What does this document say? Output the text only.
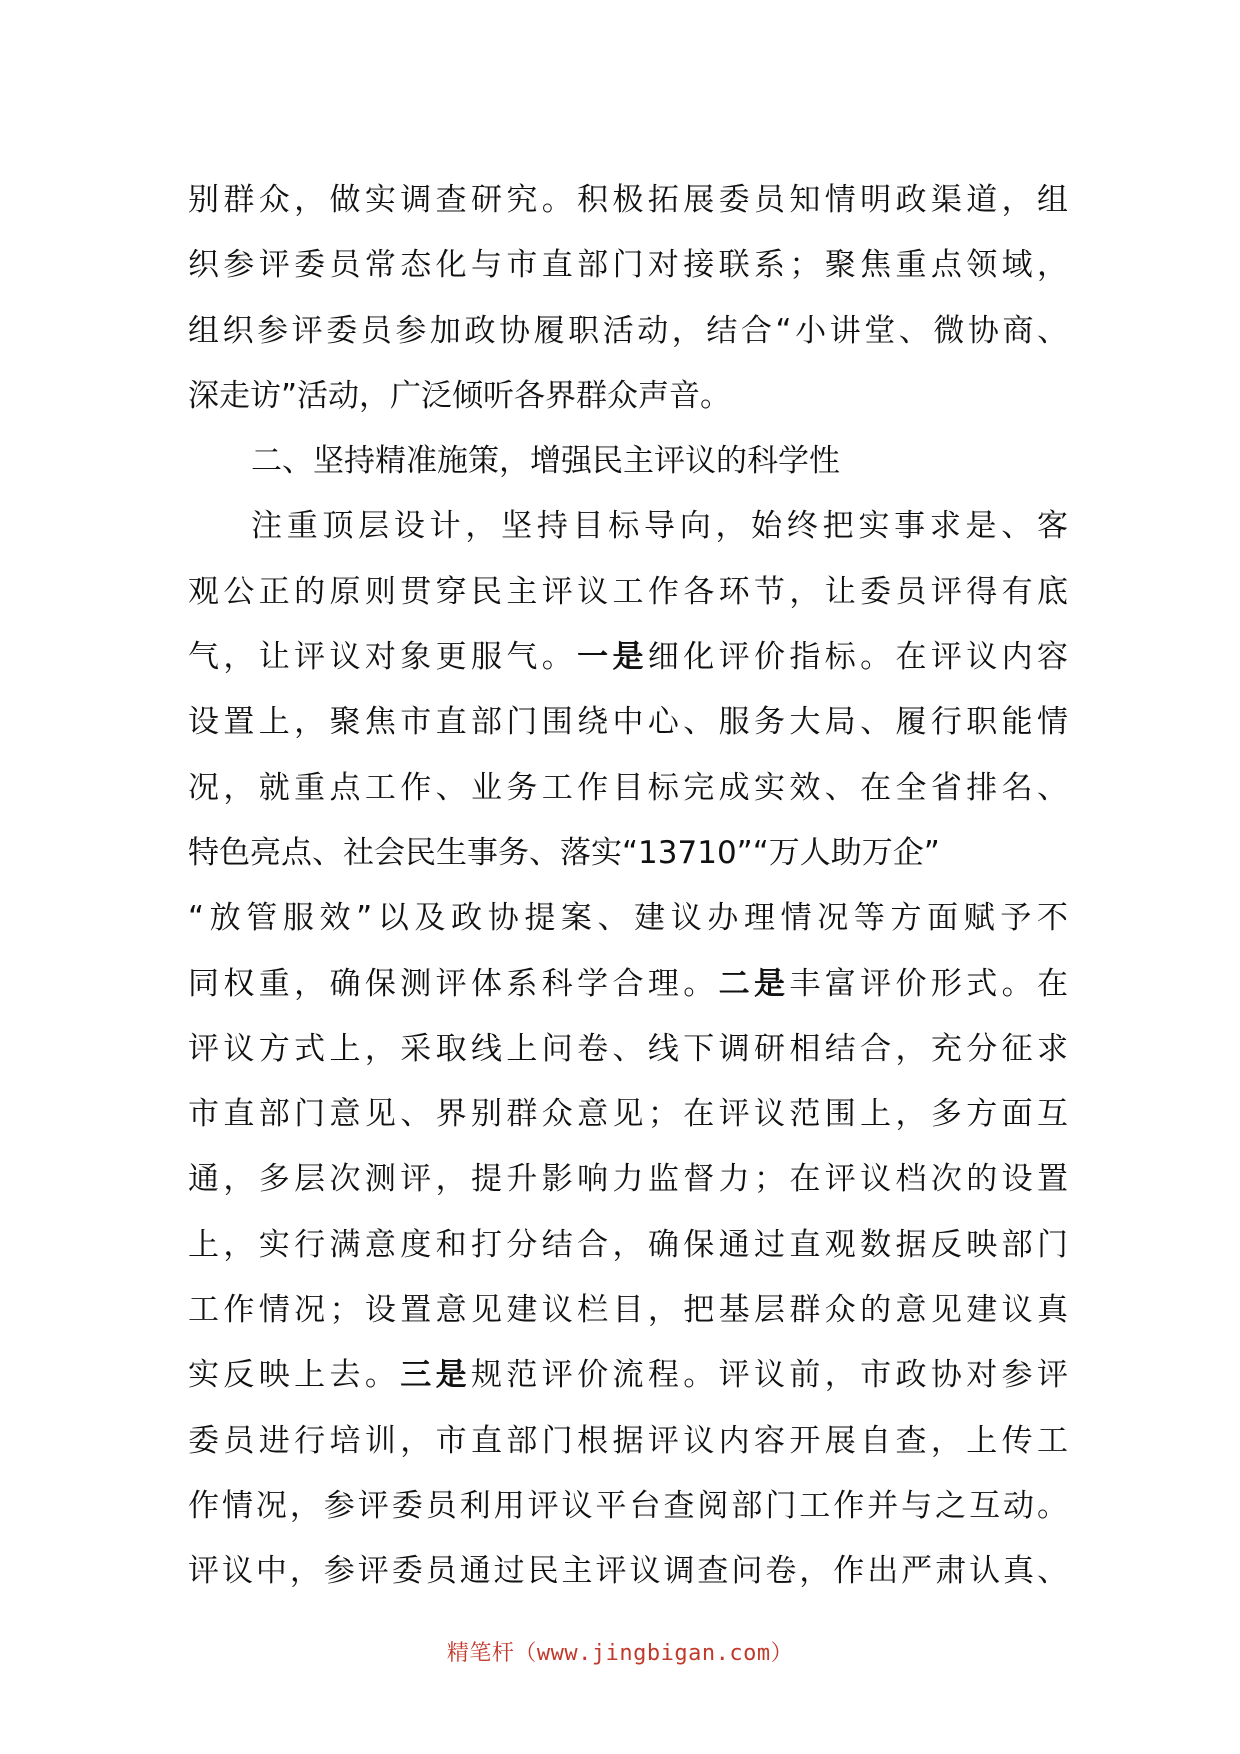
别群众，做实调查研究。积极拓展委员知情明政渠道，组
织参评委员常态化与市直部门对接联系；聚焦重点领域，
组织参评委员参加政协履职活动，结合“小讲堂、微协商、
深走访”活动，广泛倾听各界群众声音。
二、坚持精准施策，增强民主评议的科学性
注重顶层设计，坚持目标导向，始终把实事求是、客
观公正的原则贯穿民主评议工作各环节，让委员评得有底
气，让评议对象更服气。一是细化评价指标。在评议内容
设置上，聚焦市直部门围绕中心、服务大局、履行职能情
况，就重点工作、业务工作目标完成实效、在全省排名、
特色亮点、社会民生事务、落实“13710”“万人助万企”
“放管服效”以及政协提案、建议办理情况等方面赋予不
同权重，确保测评体系科学合理。二是丰富评价形式。在
评议方式上，采取线上问卷、线下调研相结合，充分征求
市直部门意见、界别群众意见；在评议范围上，多方面互
通，多层次测评，提升影响力监督力；在评议档次的设置
上，实行满意度和打分结合，确保通过直观数据反映部门
工作情况；设置意见建议栏目，把基层群众的意见建议真
实反映上去。三是规范评价流程。评议前，市政协对参评
委员进行培训，市直部门根据评议内容开展自查，上传工
作情况，参评委员利用评议平台查阅部门工作并与之互动。
评议中，参评委员通过民主评议调查问卷，作出严肃认真、
精笔杆（www.jingbigan.com）
